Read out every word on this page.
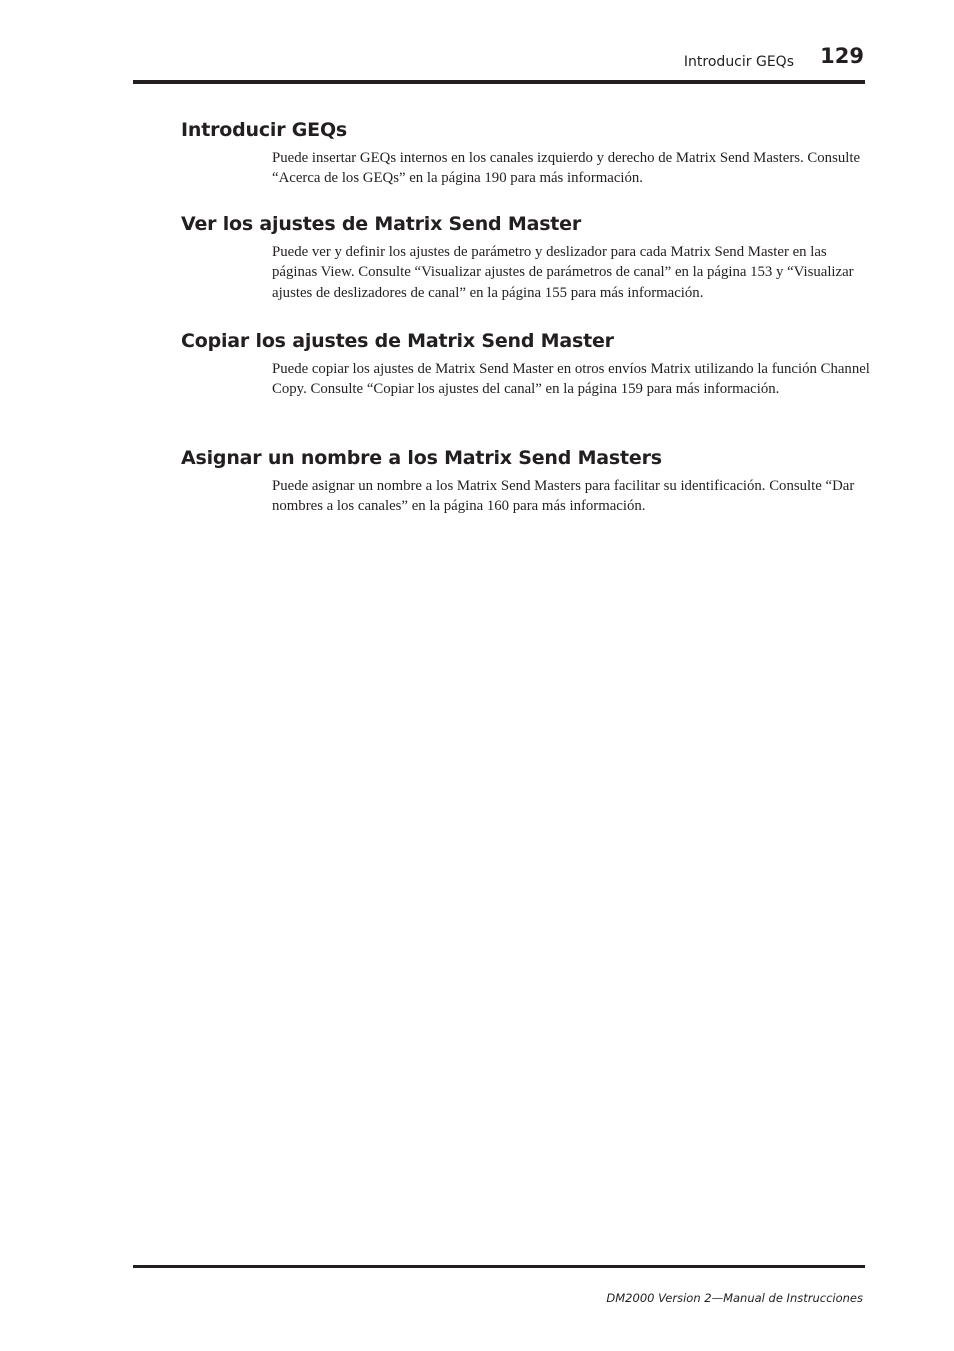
Introducir GEQs	129
Introducir GEQs

Puede insertar GEQs internos en los canales izquierdo y derecho de Matrix Send Masters. Consulte “Acerca de los GEQs” en la página 190 para más información.

Ver los ajustes de Matrix Send Master

Puede ver y definir los ajustes de parámetro y deslizador para cada Matrix Send Master en las páginas View. Consulte “Visualizar ajustes de parámetros de canal” en la página 153 y “Visualizar ajustes de deslizadores de canal” en la página 155 para más información.

Copiar los ajustes de Matrix Send Master

Puede copiar los ajustes de Matrix Send Master en otros envíos Matrix utilizando la función Channel Copy. Consulte “Copiar los ajustes del canal” en la página 159 para más información.

Asignar un nombre a los Matrix Send Masters

Puede asignar un nombre a los Matrix Send Masters para facilitar su identificación. Consulte “Dar nombres a los canales” en la página 160 para más información.

DM2000 Version 2—Manual de Instrucciones
